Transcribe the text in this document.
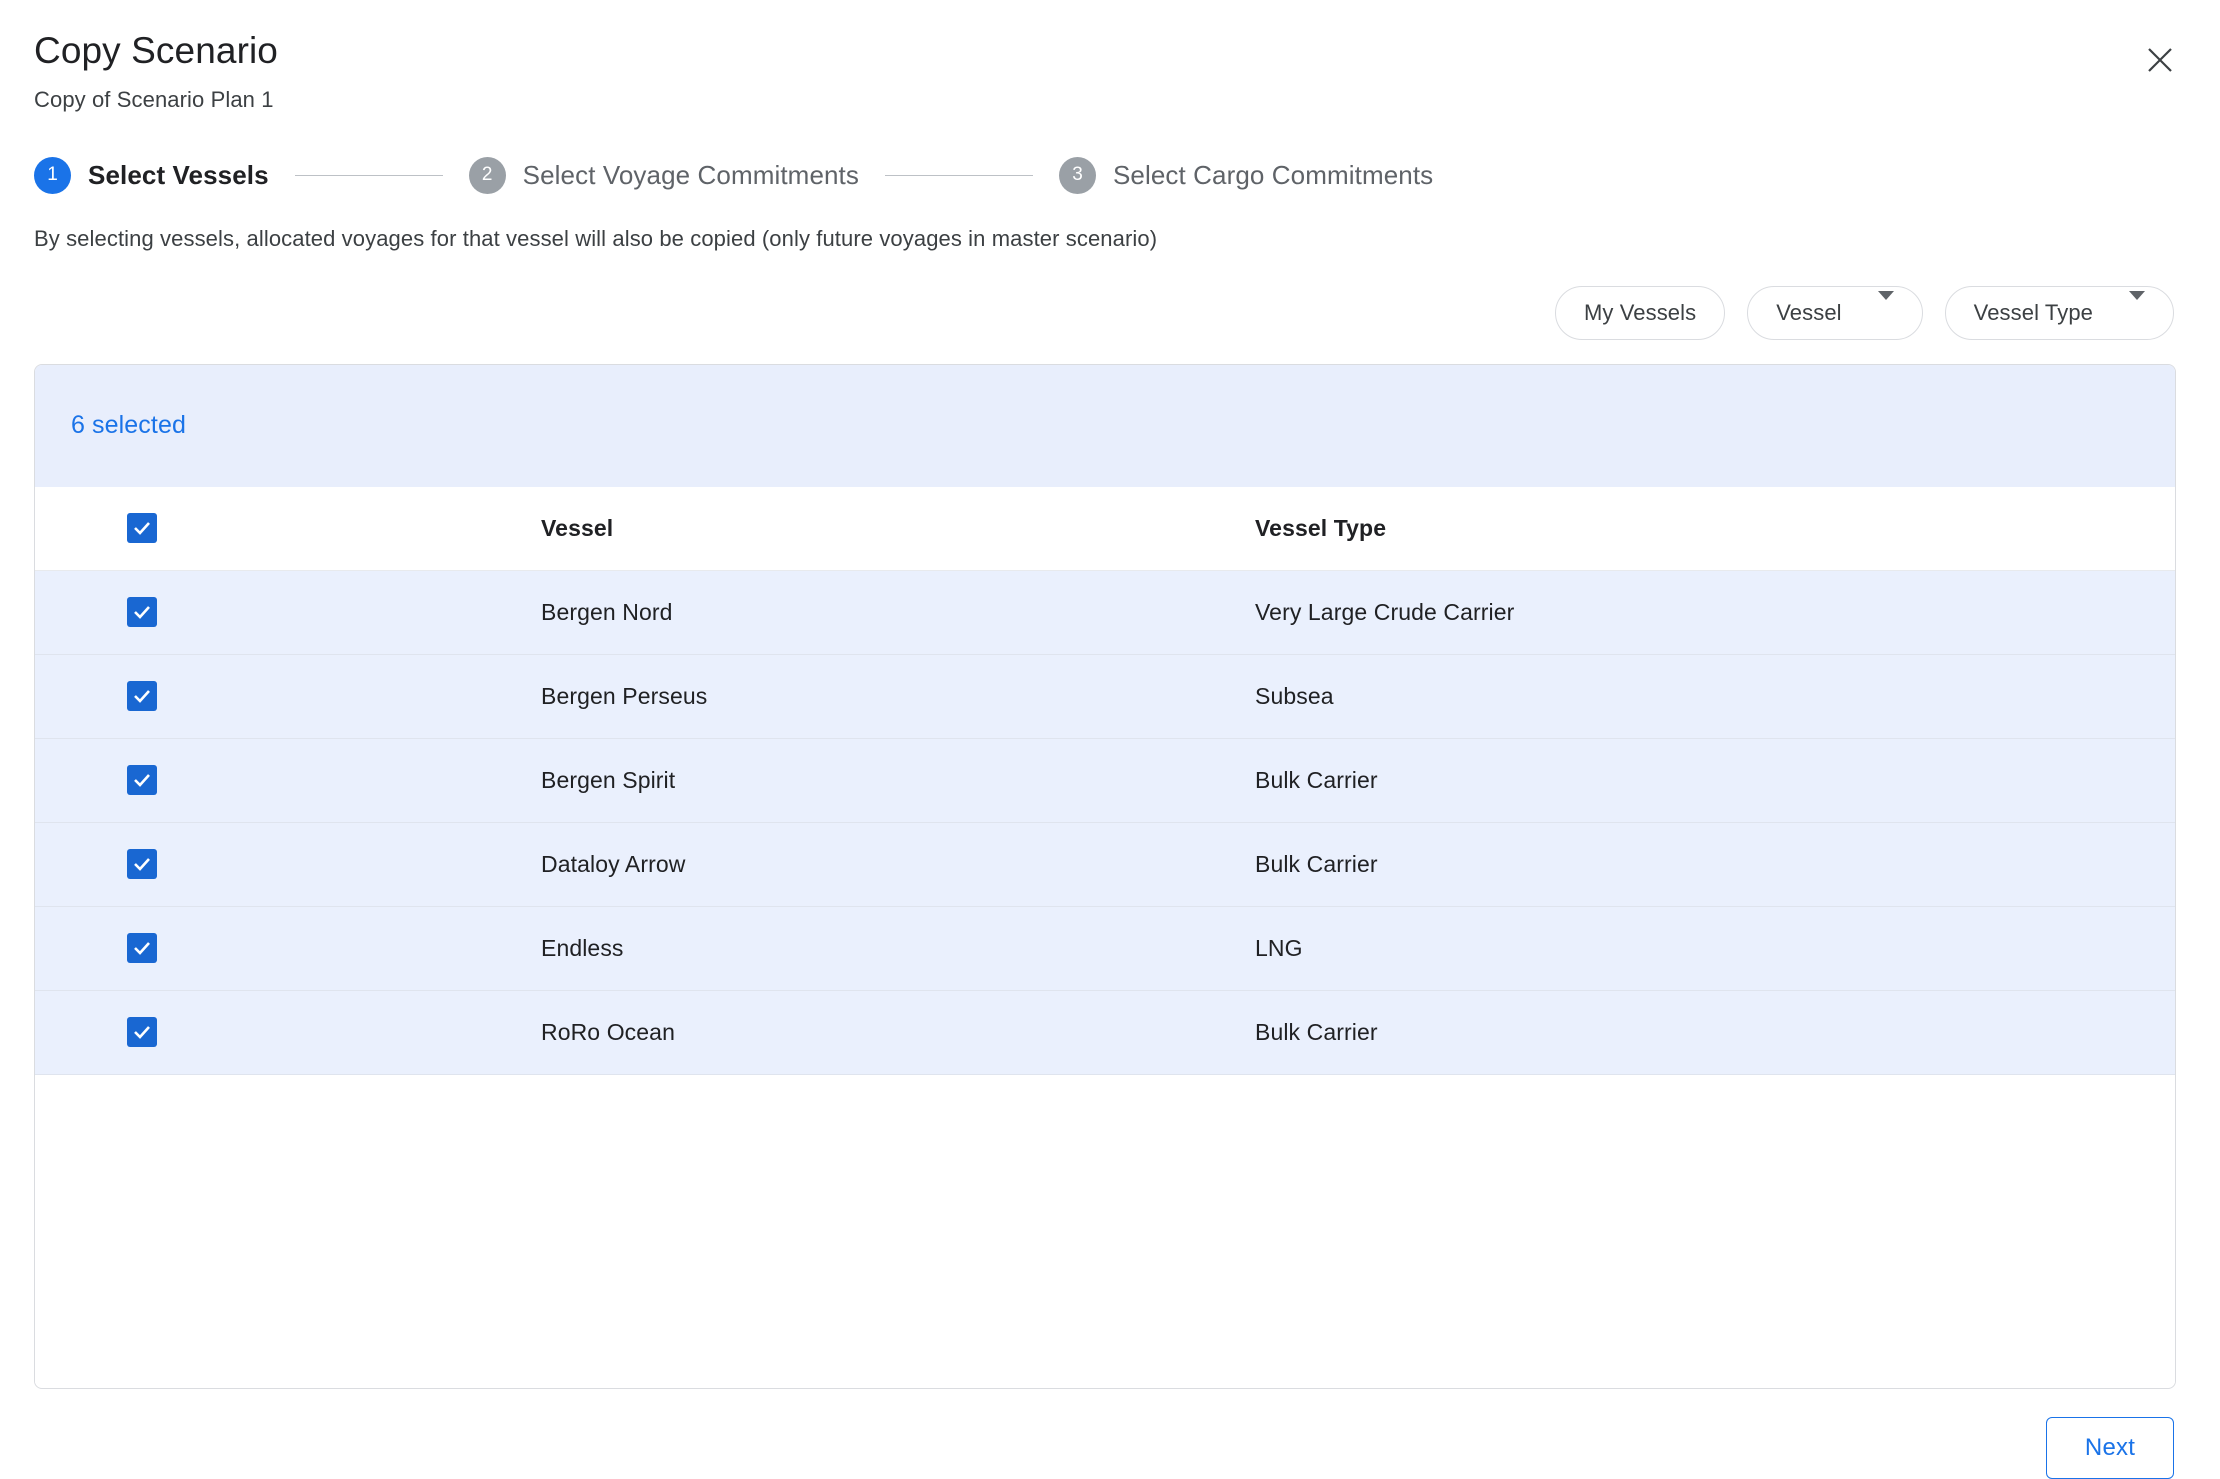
Copy Scenario
Copy of Scenario Plan 1
1	Select Vessels	2	Select Voyage Commitments	3	Select Cargo Commitments
By selecting vessels, allocated voyages for that vessel will also be copied (only future voyages in master scenario)
My Vessels	Vessel	Vessel Type
6 selected
	Vessel	Vessel Type

	Bergen Nord	Very Large Crude Carrier

	Bergen Perseus	Subsea

	Bergen Spirit	Bulk Carrier

	Dataloy Arrow	Bulk Carrier

	Endless	LNG

	RoRo Ocean	Bulk Carrier
Next
